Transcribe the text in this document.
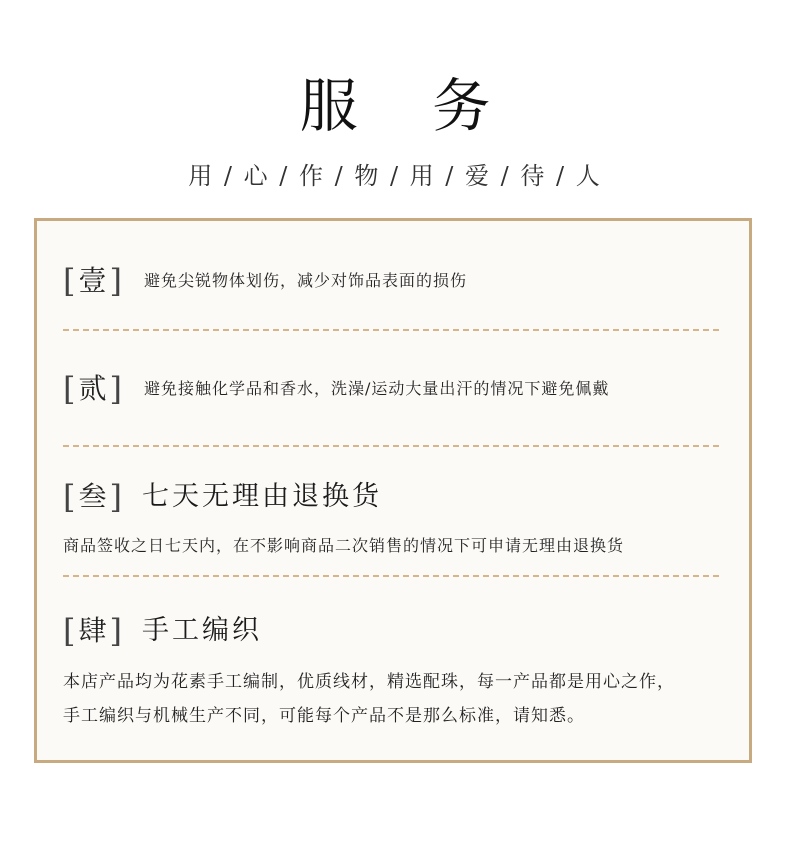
服 务
用 / 心 / 作 / 物 / 用 / 爱 / 待 / 人
[ 壹 ] 避免尖锐物体划伤，减少对饰品表面的损伤
[ 贰 ] 避免接触化学品和香水，洗澡/运动大量出汗的情况下避免佩戴
[ 叁 ] 七天无理由退换货
商品签收之日七天内，在不影响商品二次销售的情况下可申请无理由退换货
[ 肆 ] 手工编织
本店产品均为花素手工编制，优质线材，精选配珠，每一产品都是用心之作，
手工编织与机械生产不同，可能每个产品不是那么标准，请知悉。
